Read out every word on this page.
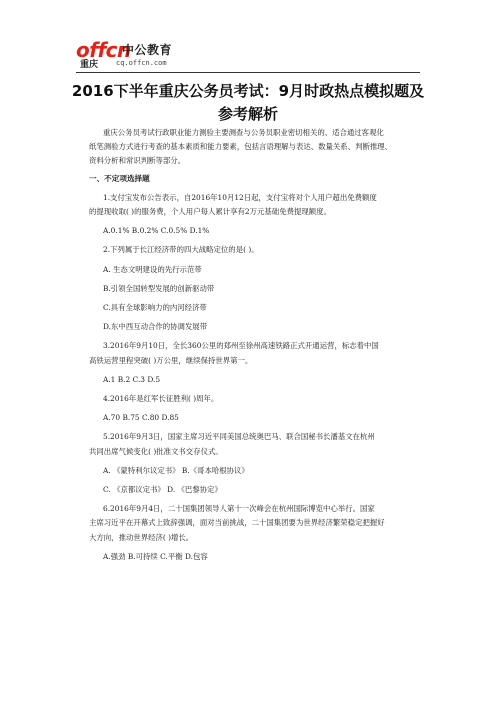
offcn
中公教育
重庆	cq.offcn.com
2016下半年重庆公务员考试：9月时政热点模拟题及
参考解析

重庆公务员考试行政职业能力测验主要测查与公务员职业密切相关的、适合通过客观化

纸笔测验方式进行考查的基本素质和能力要素，包括言语理解与表达、数量关系、判断推理、

资料分析和常识判断等部分。

一、不定项选择题

1.支付宝发布公告表示，自2016年10月12日起，支付宝将对个人用户超出免费额度

的提现收取( )的服务费，个人用户每人累计享有2万元基础免费提现额度。

A.0.1% B.0.2% C.0.5% D.1%

2.下列属于长江经济带的四大战略定位的是( )。

A. 生态文明建设的先行示范带

B.引领全国转型发展的创新驱动带

C.具有全球影响力的内河经济带

D.东中西互动合作的协调发展带

3.2016年9月10日，全长360公里的郑州至徐州高速铁路正式开通运营，标志着中国

高铁运营里程突破( )万公里，继续保持世界第一。

A.1 B.2 C.3 D.5

4.2016年是红军长征胜利( )周年。

A.70 B.75 C.80 D.85

5.2016年9月3日，国家主席习近平同美国总统奥巴马、联合国秘书长潘基文在杭州

共同出席气候变化( )批准文书交存仪式。

A. 《蒙特利尔议定书》 B.《哥本哈根协议》

C. 《京都议定书》 D. 《巴黎协定》

6.2016年9月4日，二十国集团领导人第十一次峰会在杭州国际博览中心举行。国家

主席习近平在开幕式上致辞强调，面对当前挑战，二十国集团要为世界经济繁荣稳定把握好

大方向，推动世界经济( )增长。

A.强劲 B.可持续 C.平衡 D.包容
